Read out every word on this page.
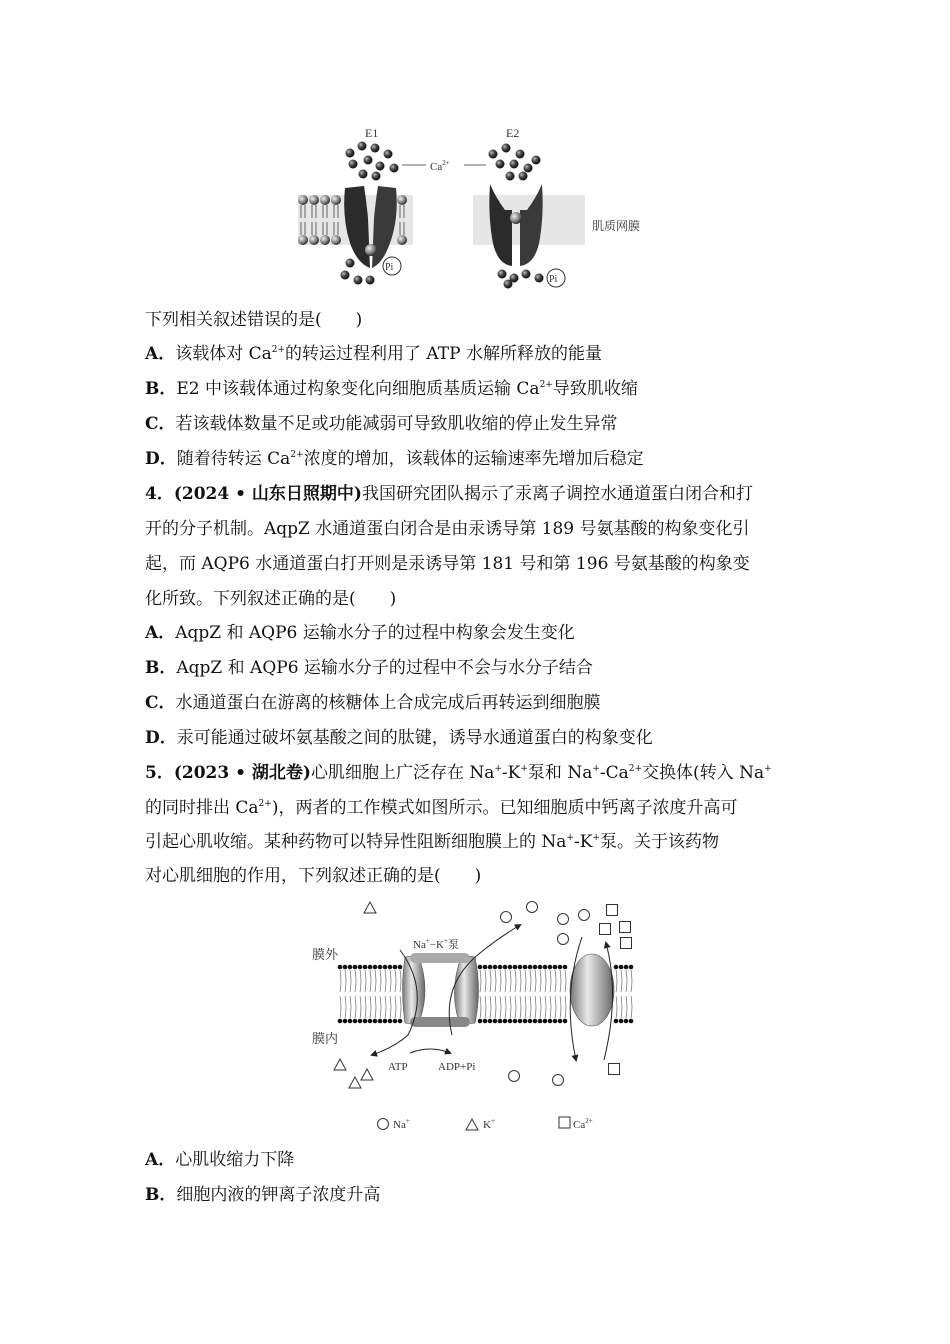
E1	E2
$Ca^{2+}$
肌质网膜
Pi
Pi
下列相关叙述错误的是(　　)
A．该载体对 $Ca^{2+}$的转运过程利用了 ATP 水解所释放的能量
B．E2 中该载体通过构象变化向细胞质基质运输 $Ca^{2+}$导致肌收缩
C．若该载体数量不足或功能减弱可导致肌收缩的停止发生异常
D．随着待转运 $Ca^{2+}$浓度的增加，该载体的运输速率先增加后稳定
4．(2024 • 山东日照期中)我国研究团队揭示了汞离子调控水通道蛋白闭合和打
开的分子机制。AqpZ 水通道蛋白闭合是由汞诱导第 189 号氨基酸的构象变化引
起，而 AQP6 水通道蛋白打开则是汞诱导第 181 号和第 196 号氨基酸的构象变
化所致。下列叙述正确的是(　　)
A．AqpZ 和 AQP6 运输水分子的过程中构象会发生变化
B．AqpZ 和 AQP6 运输水分子的过程中不会与水分子结合
C．水通道蛋白在游离的核糖体上合成完成后再转运到细胞膜
D．汞可能通过破坏氨基酸之间的肽键，诱导水通道蛋白的构象变化
5．(2023 • 湖北卷)心肌细胞上广泛存在 Na+-K+泵和 $Na^+-Ca^{2+}$交换体(转入 Na+
的同时排出 $Ca^{2+}$)，两者的工作模式如图所示。已知细胞质中钙离子浓度升高可
引起心肌收缩。某种药物可以特异性阻断细胞膜上的 Na+-K+泵。关于该药物
对心肌细胞的作用，下列叙述正确的是(　　)
膜外
膜内
Na+−K+泵
ATP	ADP+Pi
Na+	K+	$Ca^{2+}$
A．心肌收缩力下降
B．细胞内液的钾离子浓度升高
